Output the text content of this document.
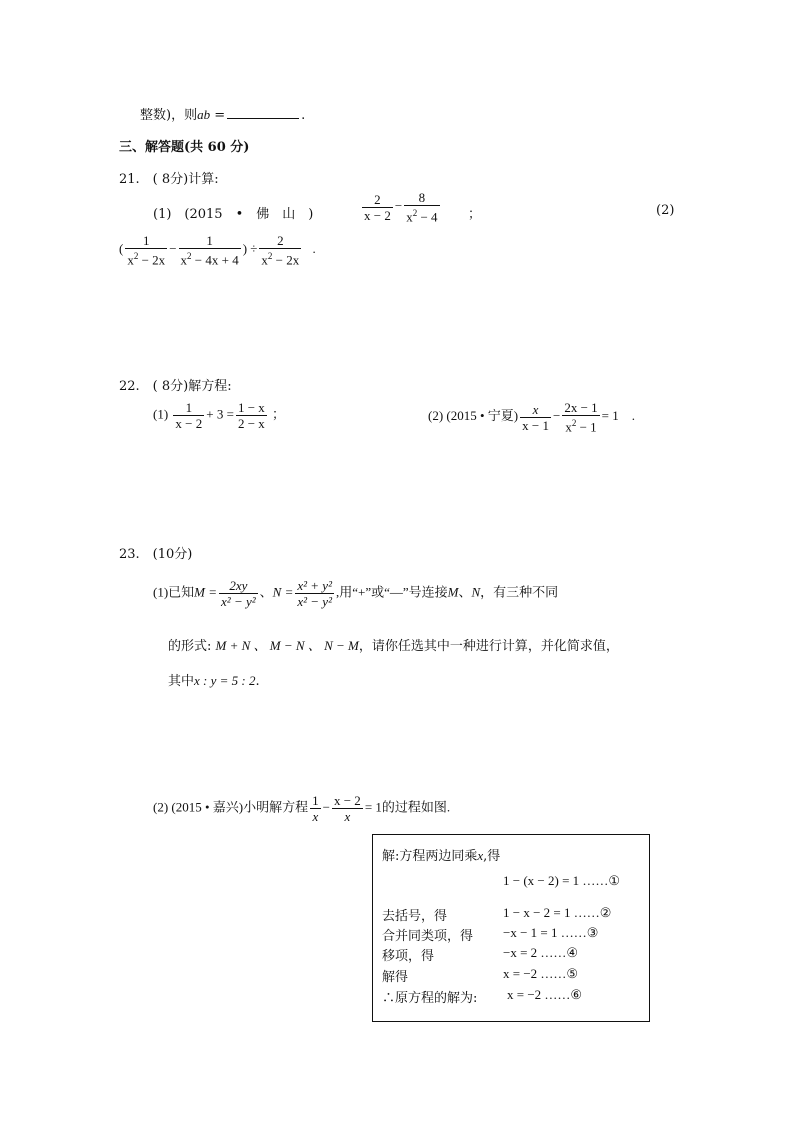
整数)，则ab =	.
三、解答题(共 60 分)
21.　( 8分)计算:
(1)　(2015　•　佛　山　)	$\frac{2}{x - 2} - \frac{8}{x^2 - 4}$ ；	(2)
( $\frac{1}{x^2 - 2x} - \frac{1}{x^2 - 4x + 4}$ ) ÷ $\frac{2}{x^2 - 2x}$ .
22.　( 8分)解方程:
$(1) \frac{1}{x - 2} + 3 = \frac{1 - x}{2 - x}$ ；	(2) (2015 • 宁夏) $\frac{x}{x - 1} - \frac{2x - 1}{x^2 - 1} = 1$　.
23.　(10分)
(1)已知$M = \frac{2xy}{\text{x² − y²}}$ 、$N = \frac{\text{x² + y²}}{\text{x² − y²}}$ ,用“+”或“—”号连接M、N，有三种不同
的形式: M + N 、 M − N 、 N − M，请你任选其中一种进行计算，并化简求值，
其中x : y = 5 : 2.
(2) (2015 • 嘉兴)小明解方程 $\frac{1}{x} - \frac{x - 2}{x} = 1$的过程如图.
解:方程两边同乘x,得
1 − (x − 2) = 1 ……①
去括号，得	1 − x − 2 = 1 ……②
合并同类项，得 −x − 1 = 1 ……③
移项，得	−x = 2 ……④
解得	x = −2 ……⑤
∴原方程的解为: x = −2 ……⑥
